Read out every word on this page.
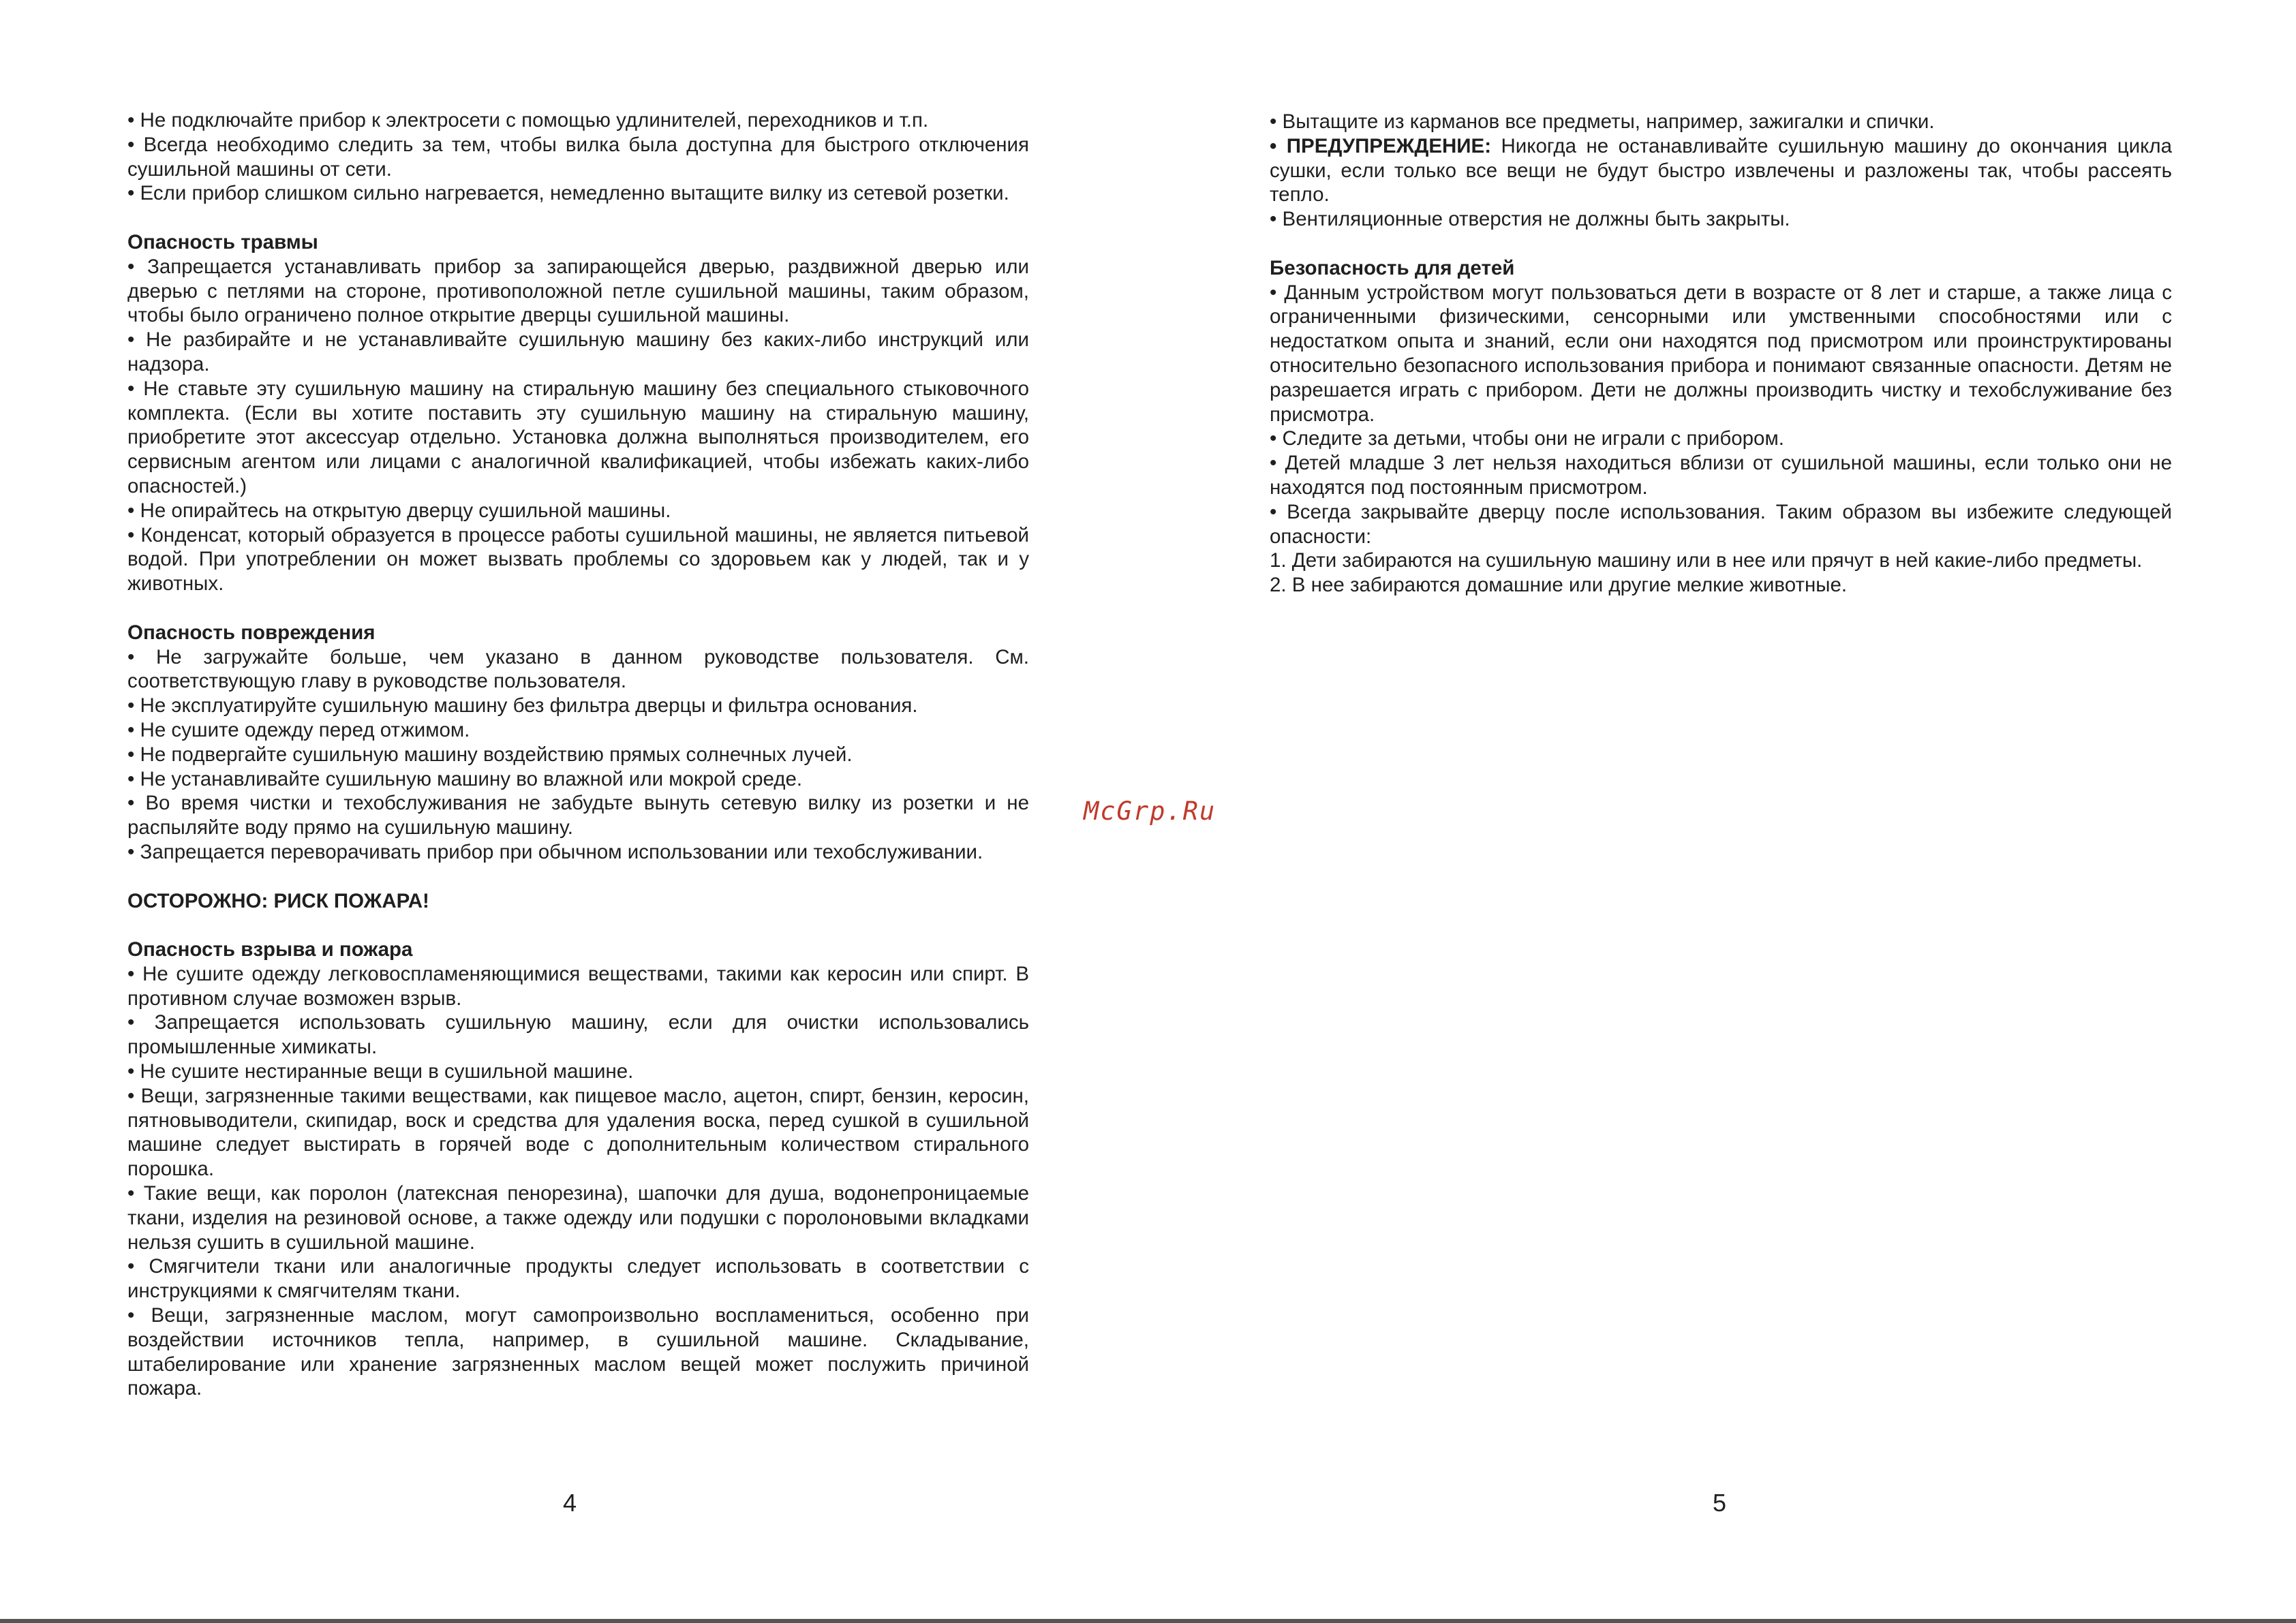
• Не подключайте прибор к электросети с помощью удлинителей, переходников и т.п.

• Всегда необходимо следить за тем, чтобы вилка была доступна для быстрого отключения сушильной машины от сети.

• Если прибор слишком сильно нагревается, немедленно вытащите вилку из сетевой розетки.

Опасность травмы

• Запрещается устанавливать прибор за запирающейся дверью, раздвижной дверью или дверью с петлями на стороне, противоположной петле сушильной машины, таким образом, чтобы было ограничено полное открытие дверцы сушильной машины.

• Не разбирайте и не устанавливайте сушильную машину без каких-либо инструкций или надзора.

• Не ставьте эту сушильную машину на стиральную машину без специального стыковочного комплекта. (Если вы хотите поставить эту сушильную машину на стиральную машину, приобретите этот аксессуар отдельно. Установка должна выполняться производителем, его сервисным агентом или лицами с аналогичной квалификацией, чтобы избежать каких-либо опасностей.)

• Не опирайтесь на открытую дверцу сушильной машины.

• Конденсат, который образуется в процессе работы сушильной машины, не является питьевой водой. При употреблении он может вызвать проблемы со здоровьем как у людей, так и у животных.

Опасность повреждения

• Не загружайте больше, чем указано в данном руководстве пользователя. См. соответствующую главу в руководстве пользователя.

• Не эксплуатируйте сушильную машину без фильтра дверцы и фильтра основания.

• Не сушите одежду перед отжимом.

• Не подвергайте сушильную машину воздействию прямых солнечных лучей.

• Не устанавливайте сушильную машину во влажной или мокрой среде.

• Во время чистки и техобслуживания не забудьте вынуть сетевую вилку из розетки и не распыляйте воду прямо на сушильную машину.

• Запрещается переворачивать прибор при обычном использовании или техобслуживании.

ОСТОРОЖНО: РИСК ПОЖАРА!

Опасность взрыва и пожара

• Не сушите одежду легковоспламеняющимися веществами, такими как керосин или спирт. В противном случае возможен взрыв.

• Запрещается использовать сушильную машину, если для очистки использовались промышленные химикаты.

• Не сушите нестиранные вещи в сушильной машине.

• Вещи, загрязненные такими веществами, как пищевое масло, ацетон, спирт, бензин, керосин, пятновыводители, скипидар, воск и средства для удаления воска, перед сушкой в сушильной машине следует выстирать в горячей воде с дополнительным количеством стирального порошка.

• Такие вещи, как поролон (латексная пенорезина), шапочки для душа, водонепроницаемые ткани, изделия на резиновой основе, а также одежду или подушки с поролоновыми вкладками нельзя сушить в сушильной машине.

• Смягчители ткани или аналогичные продукты следует использовать в соответствии с инструкциями к смягчителям ткани.

• Вещи, загрязненные маслом, могут самопроизвольно воспламениться, особенно при воздействии источников тепла, например, в сушильной машине. Складывание, штабелирование или хранение загрязненных маслом вещей может послужить причиной пожара.

• Вытащите из карманов все предметы, например, зажигалки и спички.

• ПРЕДУПРЕЖДЕНИЕ: Никогда не останавливайте сушильную машину до окончания цикла сушки, если только все вещи не будут быстро извлечены и разложены так, чтобы рассеять тепло.

• Вентиляционные отверстия не должны быть закрыты.

Безопасность для детей

• Данным устройством могут пользоваться дети в возрасте от 8 лет и старше, а также лица с ограниченными физическими, сенсорными или умственными способностями или с недостатком опыта и знаний, если они находятся под присмотром или проинструктированы относительно безопасного использования прибора и понимают связанные опасности. Детям не разрешается играть с прибором. Дети не должны производить чистку и техобслуживание без присмотра.

• Следите за детьми, чтобы они не играли с прибором.

• Детей младше 3 лет нельзя находиться вблизи от сушильной машины, если только они не находятся под постоянным присмотром.

• Всегда закрывайте дверцу после использования. Таким образом вы избежите следующей опасности:

1. Дети забираются на сушильную машину или в нее или прячут в ней какие-либо предметы.

2. В нее забираются домашние или другие мелкие животные.

4	5
McGrp.Ru
